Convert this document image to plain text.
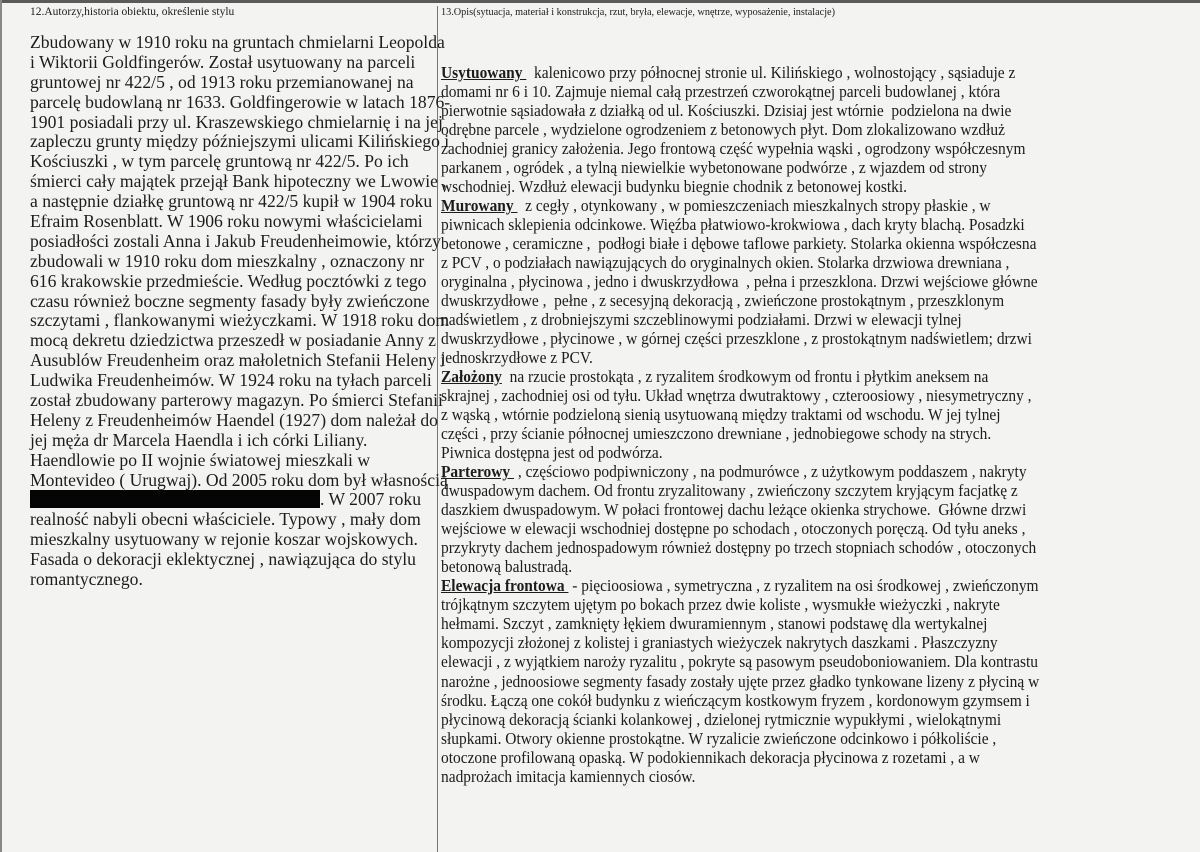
12.Autorzy,historia obiektu, określenie stylu	13.Opis(sytuacja, materiał i konstrukcja, rzut, bryła, elewacje, wnętrze, wyposażenie, instalacje)
Zbudowany w 1910 roku na gruntach chmielarni Leopolda
i Wiktorii Goldfingerów. Został usytuowany na parceli
gruntowej nr 422/5 , od 1913 roku przemianowanej na
parcelę budowlaną nr 1633. Goldfingerowie w latach 1876-
1901 posiadali przy ul. Kraszewskiego chmielarnię i na jej
zapleczu grunty między późniejszymi ulicami Kilińskiego i
Kościuszki , w tym parcelę gruntową nr 422/5. Po ich
śmierci cały majątek przejął Bank hipoteczny we Lwowie ,
a następnie działkę gruntową nr 422/5 kupił w 1904 roku
Efraim Rosenblatt. W 1906 roku nowymi właścicielami
posiadłości zostali Anna i Jakub Freudenheimowie, którzy
zbudowali w 1910 roku dom mieszkalny , oznaczony nr
616 krakowskie przedmieście. Według pocztówki z tego
czasu również boczne segmenty fasady były zwieńczone
szczytami , flankowanymi wieżyczkami. W 1918 roku dom
mocą dekretu dziedzictwa przeszedł w posiadanie Anny z
Ausublów Freudenheim oraz małoletnich Stefanii Heleny i
Ludwika Freudenheimów. W 1924 roku na tyłach parceli
został zbudowany parterowy magazyn. Po śmierci Stefanii
Heleny z Freudenheimów Haendel (1927) dom należał do
jej męża dr Marcela Haendla i ich córki Liliany.
Haendlowie po II wojnie światowej mieszkali w
Montevideo ( Urugwaj). Od 2005 roku dom był własnością
. W 2007 roku
realność nabyli obecni właściciele. Typowy , mały dom
mieszkalny usytuowany w rejonie koszar wojskowych.
Fasada o dekoracji eklektycznej , nawiązująca do stylu
romantycznego.
Usytuowany   kalenicowo przy północnej stronie ul. Kilińskiego , wolnostojący , sąsiaduje z
domami nr 6 i 10. Zajmuje niemal całą przestrzeń czworokątnej parceli budowlanej , która
pierwotnie sąsiadowała z działką od ul. Kościuszki. Dzisiaj jest wtórnie  podzielona na dwie
odrębne parcele , wydzielone ogrodzeniem z betonowych płyt. Dom zlokalizowano wzdłuż
zachodniej granicy założenia. Jego frontową część wypełnia wąski , ogrodzony współczesnym
parkanem , ogródek , a tylną niewielkie wybetonowane podwórze , z wjazdem od strony
wschodniej. Wzdłuż elewacji budynku biegnie chodnik z betonowej kostki.
Murowany   z cegły , otynkowany , w pomieszczeniach mieszkalnych stropy płaskie , w
piwnicach sklepienia odcinkowe. Więźba płatwiowo-krokwiowa , dach kryty blachą. Posadzki
betonowe , ceramiczne ,  podłogi białe i dębowe taflowe parkiety. Stolarka okienna współczesna
z PCV , o podziałach nawiązujących do oryginalnych okien. Stolarka drzwiowa drewniana ,
oryginalna , płycinowa , jedno i dwuskrzydłowa  , pełna i przeszklona. Drzwi wejściowe główne
dwuskrzydłowe ,  pełne , z secesyjną dekoracją , zwieńczone prostokątnym , przeszklonym
nadświetlem , z drobniejszymi szczeblinowymi podziałami. Drzwi w elewacji tylnej
dwuskrzydłowe , płycinowe , w górnej części przeszklone , z prostokątnym nadświetlem; drzwi
jednoskrzydłowe z PCV.
Założony  na rzucie prostokąta , z ryzalitem środkowym od frontu i płytkim aneksem na
skrajnej , zachodniej osi od tyłu. Układ wnętrza dwutraktowy , czteroosiowy , niesymetryczny ,
z wąską , wtórnie podzieloną sienią usytuowaną między traktami od wschodu. W jej tylnej
części , przy ścianie północnej umieszczono drewniane , jednobiegowe schody na strych.
Piwnica dostępna jest od podwórza.
Parterowy  , częściowo podpiwniczony , na podmurówce , z użytkowym poddaszem , nakryty
dwuspadowym dachem. Od frontu zryzalitowany , zwieńczony szczytem kryjącym facjatkę z
daszkiem dwuspadowym. W połaci frontowej dachu leżące okienka strychowe.  Główne drzwi
wejściowe w elewacji wschodniej dostępne po schodach , otoczonych poręczą. Od tyłu aneks ,
przykryty dachem jednospadowym również dostępny po trzech stopniach schodów , otoczonych
betonową balustradą.
Elewacja frontowa  - pięcioosiowa , symetryczna , z ryzalitem na osi środkowej , zwieńczonym
trójkątnym szczytem ujętym po bokach przez dwie koliste , wysmukłe wieżyczki , nakryte
hełmami. Szczyt , zamknięty łękiem dwuramiennym , stanowi podstawę dla wertykalnej
kompozycji złożonej z kolistej i graniastych wieżyczek nakrytych daszkami . Płaszczyzny
elewacji , z wyjątkiem naroży ryzalitu , pokryte są pasowym pseudoboniowaniem. Dla kontrastu
narożne , jednoosiowe segmenty fasady zostały ujęte przez gładko tynkowane lizeny z płyciną w
środku. Łączą one cokół budynku z wieńczącym kostkowym fryzem , kordonowym gzymsem i
płycinową dekoracją ścianki kolankowej , dzielonej rytmicznie wypukłymi , wielokątnymi
słupkami. Otwory okienne prostokątne. W ryzalicie zwieńczone odcinkowo i półkoliście ,
otoczone profilowaną opaską. W podokiennikach dekoracja płycinowa z rozetami , a w
nadprożach imitacja kamiennych ciosów.
